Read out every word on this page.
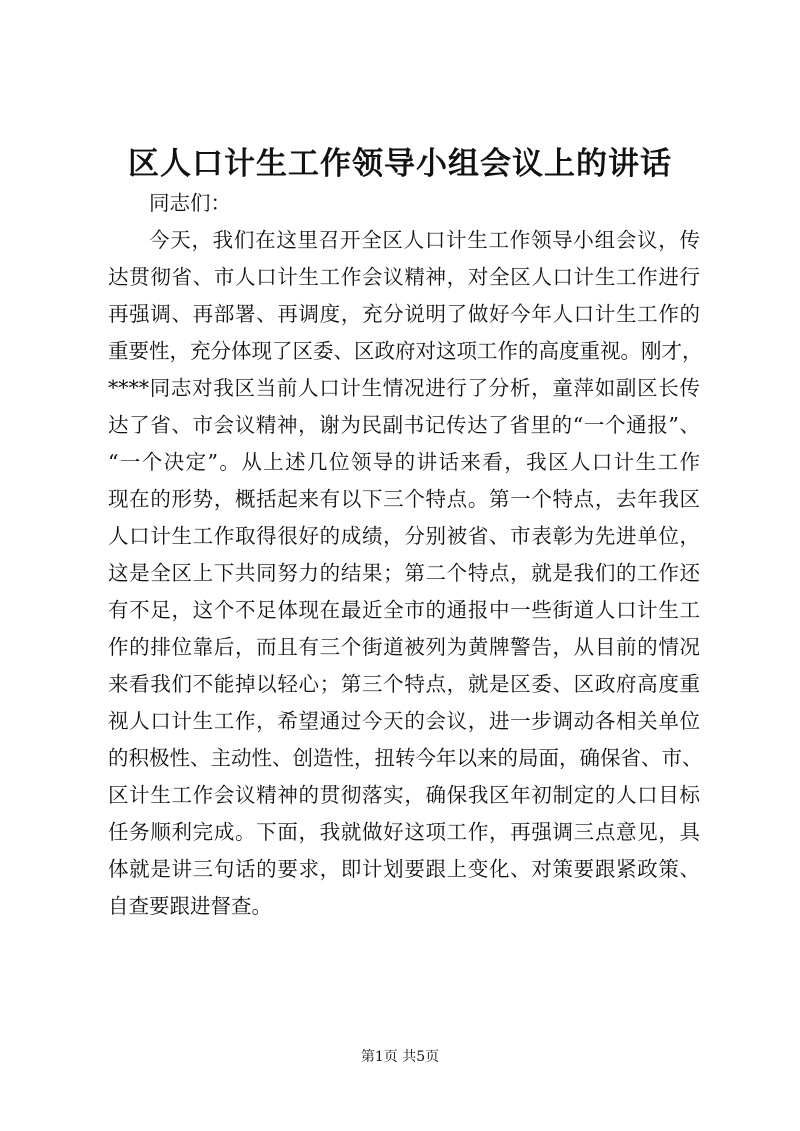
区人口计生工作领导小组会议上的讲话
同志们：
今天，我们在这里召开全区人口计生工作领导小组会议，传
达贯彻省、市人口计生工作会议精神，对全区人口计生工作进行
再强调、再部署、再调度，充分说明了做好今年人口计生工作的
重要性，充分体现了区委、区政府对这项工作的高度重视。刚才，
****同志对我区当前人口计生情况进行了分析，童萍如副区长传
达了省、市会议精神，谢为民副书记传达了省里的“一个通报”、
“一个决定”。从上述几位领导的讲话来看，我区人口计生工作
现在的形势，概括起来有以下三个特点。第一个特点，去年我区
人口计生工作取得很好的成绩，分别被省、市表彰为先进单位，
这是全区上下共同努力的结果；第二个特点，就是我们的工作还
有不足，这个不足体现在最近全市的通报中一些街道人口计生工
作的排位靠后，而且有三个街道被列为黄牌警告，从目前的情况
来看我们不能掉以轻心；第三个特点，就是区委、区政府高度重
视人口计生工作，希望通过今天的会议，进一步调动各相关单位
的积极性、主动性、创造性，扭转今年以来的局面，确保省、市、
区计生工作会议精神的贯彻落实，确保我区年初制定的人口目标
任务顺利完成。下面，我就做好这项工作，再强调三点意见，具
体就是讲三句话的要求，即计划要跟上变化、对策要跟紧政策、
自查要跟进督查。
第1页 共5页
